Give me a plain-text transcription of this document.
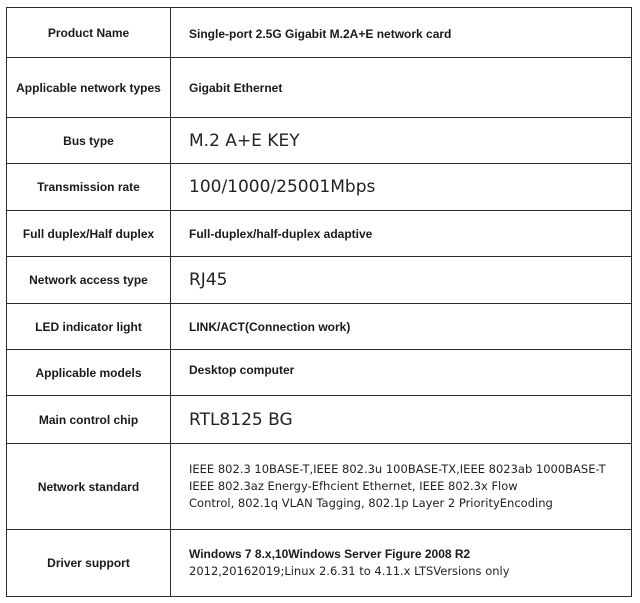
Product Name	Single-port 2.5G Gigabit M.2A+E network card
Applicable network types	Gigabit Ethernet
Bus type	M.2 A+E KEY
Transmission rate	100/1000/25001Mbps
Full duplex/Half duplex	Full-duplex/half-duplex adaptive
Network access type	RJ45
LED indicator light	LINK/ACT(Connection work)
Applicable models	Desktop computer
Main control chip	RTL8125 BG
Network standard	IEEE 802.3 10BASE-T,IEEE 802.3u 100BASE-TX,IEEE 8023ab 1000BASE-T
IEEE 802.3az Energy-Efhcient Ethernet, IEEE 802.3x Flow
Control, 802.1q VLAN Tagging, 802.1p Layer 2 PriorityEncoding

Driver support	Windows 7 8.x,10Windows Server Figure 2008 R2
2012,20162019;Linux 2.6.31 to 4.11.x LTSVersions only
